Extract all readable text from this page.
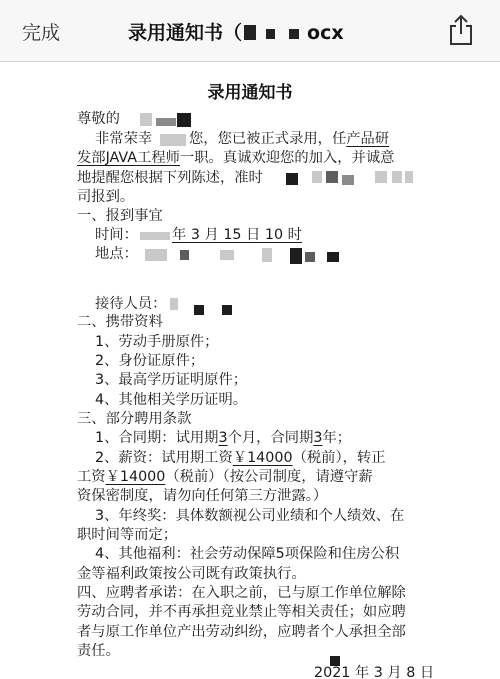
完成	录用通知书（	ocx
录用通知书
尊敬的
非常荣幸	您，您已被正式录用，任产品研
发部JAVA工程师一职。真诚欢迎您的加入，并诚意
地提醒您根据下列陈述，准时
司报到。
一、报到事宜
时间： 年 3 月 15 日 10 时
地点：
接待人员：
二、携带资料
1、劳动手册原件；
2、身份证原件；
3、最高学历证明原件；
4、其他相关学历证明。
三、部分聘用条款
1、合同期：试用期3个月，合同期3年；
2、薪资：试用期工资￥14000（税前），转正
工资￥14000（税前）（按公司制度，请遵守薪
资保密制度，请勿向任何第三方泄露。）
3、年终奖：具体数额视公司业绩和个人绩效、在
职时间等而定；
4、其他福利：社会劳动保障5项保险和住房公积
金等福利政策按公司既有政策执行。
四、应聘者承诺：在入职之前，已与原工作单位解除
劳动合同，并不再承担竞业禁止等相关责任；如应聘
者与原工作单位产出劳动纠纷，应聘者个人承担全部
责任。
2021 年 3 月 8 日
